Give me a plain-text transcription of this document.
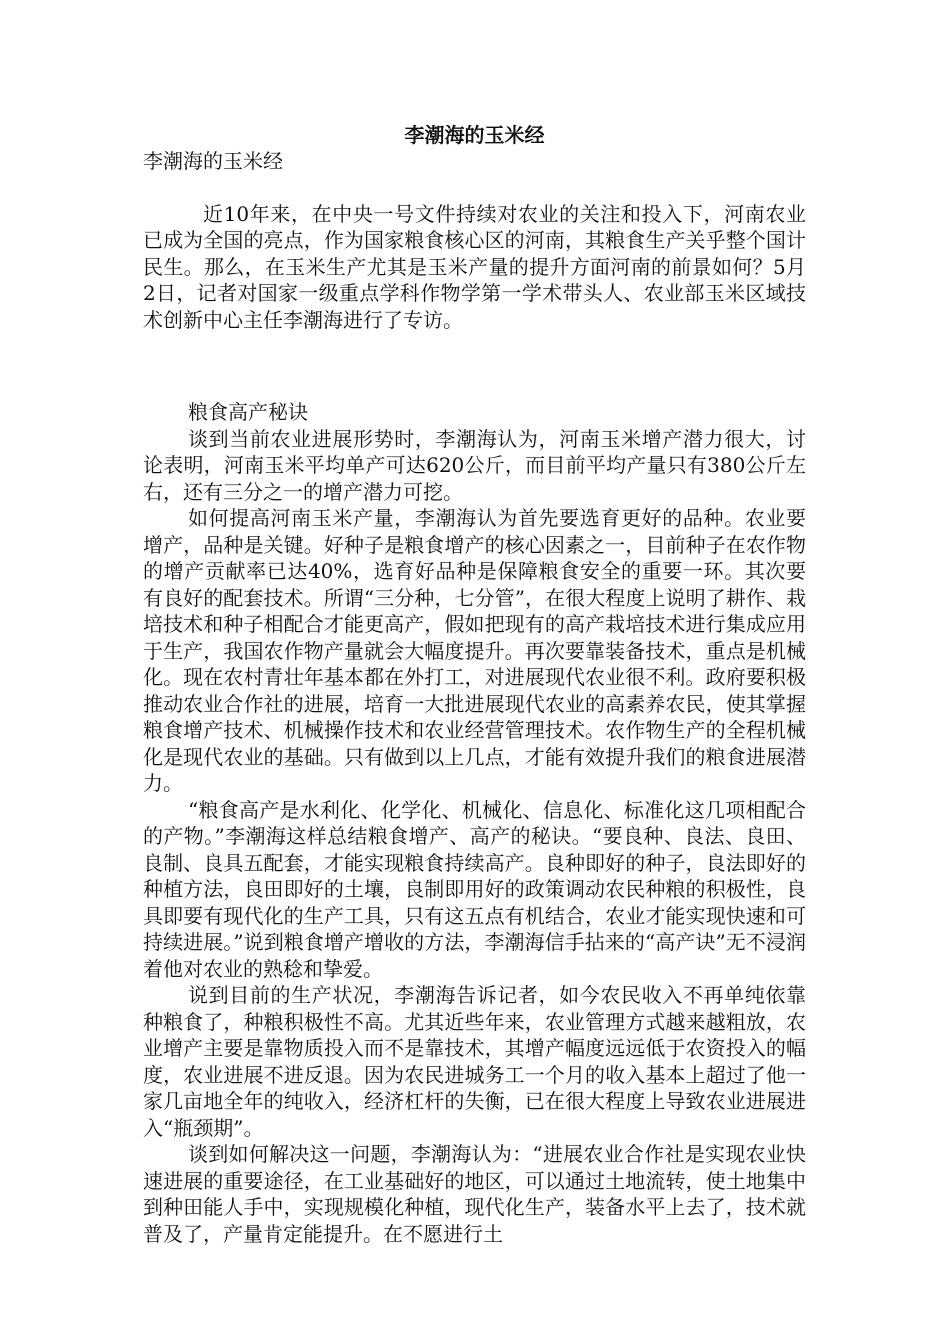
李潮海的玉米经

李潮海的玉米经

近10年来，在中央一号文件持续对农业的关注和投入下，河南农业已成为全国的亮点，作为国家粮食核心区的河南，其粮食生产关乎整个国计民生。那么，在玉米生产尤其是玉米产量的提升方面河南的前景如何？5月2日，记者对国家一级重点学科作物学第一学术带头人、农业部玉米区域技术创新中心主任李潮海进行了专访。

粮食高产秘诀

谈到当前农业进展形势时，李潮海认为，河南玉米增产潜力很大，讨论表明，河南玉米平均单产可达620公斤，而目前平均产量只有380公斤左右，还有三分之一的增产潜力可挖。

如何提高河南玉米产量，李潮海认为首先要选育更好的品种。农业要增产，品种是关键。好种子是粮食增产的核心因素之一，目前种子在农作物的增产贡献率已达40%，选育好品种是保障粮食安全的重要一环。其次要有良好的配套技术。所谓“三分种，七分管”，在很大程度上说明了耕作、栽培技术和种子相配合才能更高产，假如把现有的高产栽培技术进行集成应用于生产，我国农作物产量就会大幅度提升。再次要靠装备技术，重点是机械化。现在农村青壮年基本都在外打工，对进展现代农业很不利。政府要积极推动农业合作社的进展，培育一大批进展现代农业的高素养农民，使其掌握粮食增产技术、机械操作技术和农业经营管理技术。农作物生产的全程机械化是现代农业的基础。只有做到以上几点，才能有效提升我们的粮食进展潜力。

“粮食高产是水利化、化学化、机械化、信息化、标准化这几项相配合的产物。”李潮海这样总结粮食增产、高产的秘诀。“要良种、良法、良田、良制、良具五配套，才能实现粮食持续高产。良种即好的种子，良法即好的种植方法，良田即好的土壤，良制即用好的政策调动农民种粮的积极性，良具即要有现代化的生产工具，只有这五点有机结合，农业才能实现快速和可持续进展。”说到粮食增产增收的方法，李潮海信手拈来的“高产诀”无不浸润着他对农业的熟稔和挚爱。

说到目前的生产状况，李潮海告诉记者，如今农民收入不再单纯依靠种粮食了，种粮积极性不高。尤其近些年来，农业管理方式越来越粗放，农业增产主要是靠物质投入而不是靠技术，其增产幅度远远低于农资投入的幅度，农业进展不进反退。因为农民进城务工一个月的收入基本上超过了他一家几亩地全年的纯收入，经济杠杆的失衡，已在很大程度上导致农业进展进入“瓶颈期”。

谈到如何解决这一问题，李潮海认为：“进展农业合作社是实现农业快速进展的重要途径，在工业基础好的地区，可以通过土地流转，使土地集中到种田能人手中，实现规模化种植，现代化生产，装备水平上去了，技术就普及了，产量肯定能提升。在不愿进行土
